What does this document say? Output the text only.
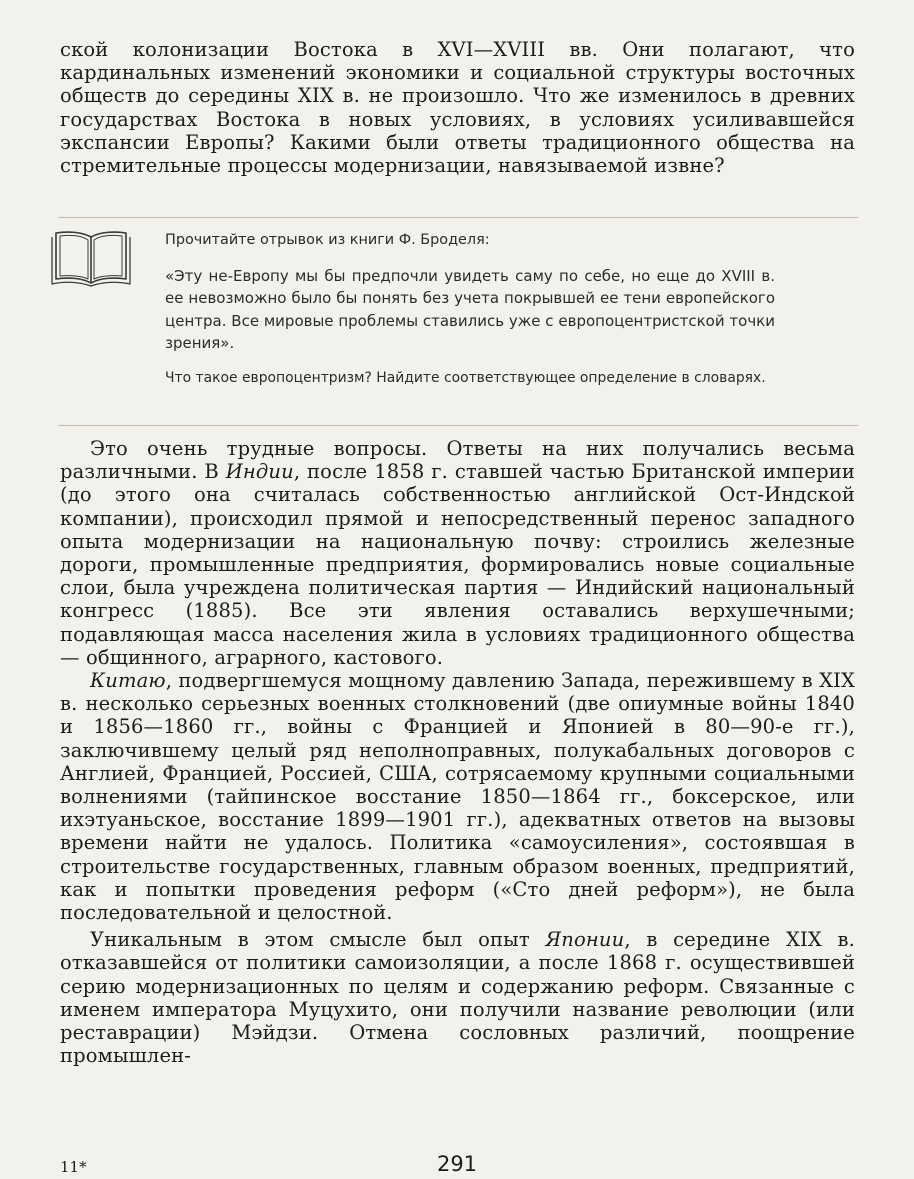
ской колонизации Востока в XVI—XVIII вв. Они полагают, что кардинальных изменений экономики и социальной структуры восточных обществ до середины XIX в. не произошло. Что же изменилось в древних государствах Востока в новых условиях, в условиях усиливавшейся экспансии Европы? Какими были ответы традиционного общества на стремительные процессы модернизации, навязываемой извне?

Прочитайте отрывок из книги Ф. Броделя:

«Эту не-Европу мы бы предпочли увидеть саму по себе, но еще до XVIII в. ее невозможно было бы понять без учета покрывшей ее тени европейского центра. Все мировые проблемы ставились уже с европоцентристской точки зрения».

Что такое европоцентризм? Найдите соответствующее определение в словарях.

Это очень трудные вопросы. Ответы на них получались весьма различными. В Индии, после 1858 г. ставшей частью Британской империи (до этого она считалась собственностью английской Ост-Индской компании), происходил прямой и непосредственный перенос западного опыта модернизации на национальную почву: строились железные дороги, промышленные предприятия, формировались новые социальные слои, была учреждена политическая партия — Индийский национальный конгресс (1885). Все эти явления оставались верхушечными; подавляющая масса населения жила в условиях традиционного общества — общинного, аграрного, кастового.

Китаю, подвергшемуся мощному давлению Запада, пережившему в XIX в. несколько серьезных военных столкновений (две опиумные войны 1840 и 1856—1860 гг., войны с Францией и Японией в 80—90-е гг.), заключившему целый ряд неполноправных, полукабальных договоров с Англией, Францией, Россией, США, сотрясаемому крупными социальными волнениями (тайпинское восстание 1850—1864 гг., боксерское, или ихэтуаньское, восстание 1899—1901 гг.), адекватных ответов на вызовы времени найти не удалось. Политика «самоусиления», состоявшая в строительстве государственных, главным образом военных, предприятий, как и попытки проведения реформ («Сто дней реформ»), не была последовательной и целостной.

Уникальным в этом смысле был опыт Японии, в середине XIX в. отказавшейся от политики самоизоляции, а после 1868 г. осуществившей серию модернизационных по целям и содержанию реформ. Связанные с именем императора Муцухито, они получили название революции (или реставрации) Мэйдзи. Отмена сословных различий, поощрение промышлен-

11*	291
